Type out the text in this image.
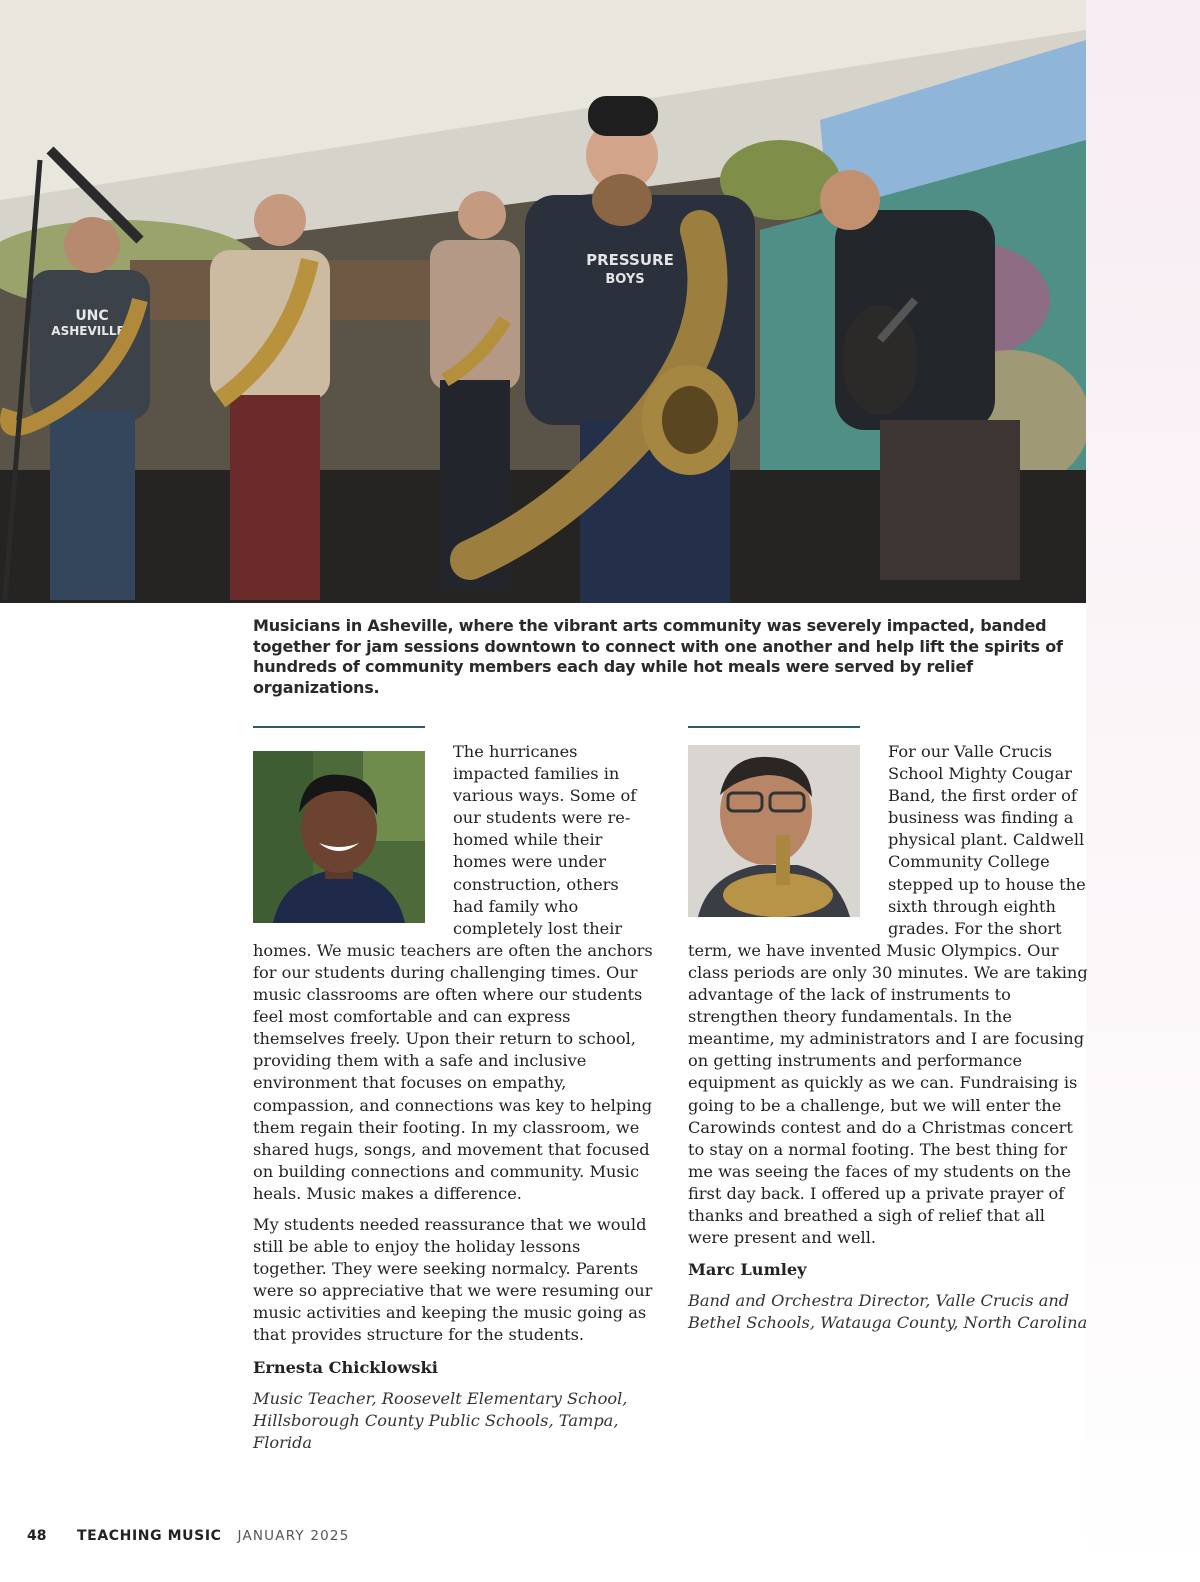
UNC
ASHEVILLE
PRESSURE
BOYS
Musicians in Asheville, where the vibrant arts community was severely impacted, banded together for jam sessions downtown to connect with one another and help lift the spirits of hundreds of community members each day while hot meals were served by relief organizations.

The hurricanes impacted families in various ways. Some of our students were re-homed while their homes were under construction, others had family who completely lost their homes. We music teachers are often the anchors for our students during challenging times. Our music classrooms are often where our students feel most comfortable and can express themselves freely. Upon their return to school, providing them with a safe and inclusive environment that focuses on empathy, compassion, and connections was key to helping them regain their footing. In my classroom, we shared hugs, songs, and movement that focused on building connections and community. Music heals. Music makes a difference.

My students needed reassurance that we would still be able to enjoy the holiday lessons together. They were seeking normalcy. Parents were so appreciative that we were resuming our music activities and keeping the music going as that provides structure for the students.

Ernesta Chicklowski
Music Teacher, Roosevelt Elementary School, Hillsborough County Public Schools, Tampa, Florida

For our Valle Crucis School Mighty Cougar Band, the first order of business was finding a physical plant. Caldwell Community College stepped up to house the sixth through eighth grades. For the short term, we have invented Music Olympics. Our class periods are only 30 minutes. We are taking advantage of the lack of instruments to strengthen theory fundamentals. In the meantime, my administrators and I are focusing on getting instruments and performance equipment as quickly as we can. Fundraising is going to be a challenge, but we will enter the Carowinds contest and do a Christmas concert to stay on a normal footing. The best thing for me was seeing the faces of my students on the first day back. I offered up a private prayer of thanks and breathed a sigh of relief that all were present and well.

Marc Lumley
Band and Orchestra Director, Valle Crucis and Bethel Schools, Watauga County, North Carolina
48	TEACHING MUSIC JANUARY 2025
